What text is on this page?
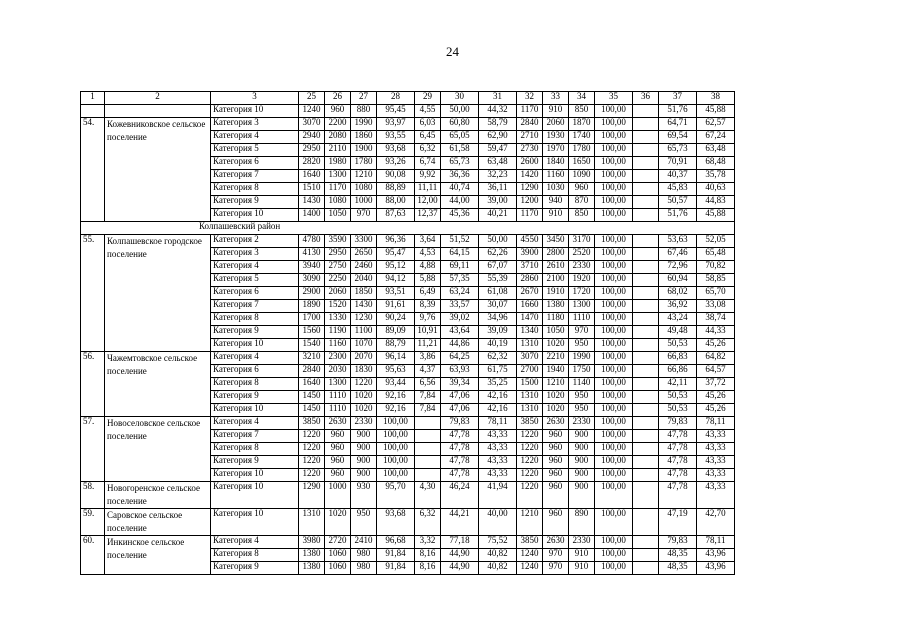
24
1	2	3	25	26	27	28	29	30	31	32	33	34	35	36	37	38
		Категория 10	1240	960	880	95,45	4,55	50,00	44,32	1170	910	850	100,00		51,76	45,88
54.	Кожевниковское сельское поселение	Категория 3	3070	2200	1990	93,97	6,03	60,80	58,79	2840	2060	1870	100,00		64,71	62,57
		Категория 4	2940	2080	1860	93,55	6,45	65,05	62,90	2710	1930	1740	100,00		69,54	67,24
		Категория 5	2950	2110	1900	93,68	6,32	61,58	59,47	2730	1970	1780	100,00		65,73	63,48
		Категория 6	2820	1980	1780	93,26	6,74	65,73	63,48	2600	1840	1650	100,00		70,91	68,48
		Категория 7	1640	1300	1210	90,08	9,92	36,36	32,23	1420	1160	1090	100,00		40,37	35,78
		Категория 8	1510	1170	1080	88,89	11,11	40,74	36,11	1290	1030	960	100,00		45,83	40,63
		Категория 9	1430	1080	1000	88,00	12,00	44,00	39,00	1200	940	870	100,00		50,57	44,83
		Категория 10	1400	1050	970	87,63	12,37	45,36	40,21	1170	910	850	100,00		51,76	45,88
Колпашевский район																
55.	Колпашевское городское поселение	Категория 2	4780	3590	3300	96,36	3,64	51,52	50,00	4550	3450	3170	100,00		53,63	52,05
		Категория 3	4130	2950	2650	95,47	4,53	64,15	62,26	3900	2800	2520	100,00		67,46	65,48
		Категория 4	3940	2750	2460	95,12	4,88	69,11	67,07	3710	2610	2330	100,00		72,96	70,82
		Категория 5	3090	2250	2040	94,12	5,88	57,35	55,39	2860	2100	1920	100,00		60,94	58,85
		Категория 6	2900	2060	1850	93,51	6,49	63,24	61,08	2670	1910	1720	100,00		68,02	65,70
		Категория 7	1890	1520	1430	91,61	8,39	33,57	30,07	1660	1380	1300	100,00		36,92	33,08
		Категория 8	1700	1330	1230	90,24	9,76	39,02	34,96	1470	1180	1110	100,00		43,24	38,74
		Категория 9	1560	1190	1100	89,09	10,91	43,64	39,09	1340	1050	970	100,00		49,48	44,33
		Категория 10	1540	1160	1070	88,79	11,21	44,86	40,19	1310	1020	950	100,00		50,53	45,26
56.	Чажемтовское сельское поселение	Категория 4	3210	2300	2070	96,14	3,86	64,25	62,32	3070	2210	1990	100,00		66,83	64,82
		Категория 6	2840	2030	1830	95,63	4,37	63,93	61,75	2700	1940	1750	100,00		66,86	64,57
		Категория 8	1640	1300	1220	93,44	6,56	39,34	35,25	1500	1210	1140	100,00		42,11	37,72
		Категория 9	1450	1110	1020	92,16	7,84	47,06	42,16	1310	1020	950	100,00		50,53	45,26
		Категория 10	1450	1110	1020	92,16	7,84	47,06	42,16	1310	1020	950	100,00		50,53	45,26
57.	Новоселовское сельское поселение	Категория 4	3850	2630	2330	100,00		79,83	78,11	3850	2630	2330	100,00		79,83	78,11
		Категория 7	1220	960	900	100,00		47,78	43,33	1220	960	900	100,00		47,78	43,33
		Категория 8	1220	960	900	100,00		47,78	43,33	1220	960	900	100,00		47,78	43,33
		Категория 9	1220	960	900	100,00		47,78	43,33	1220	960	900	100,00		47,78	43,33
		Категория 10	1220	960	900	100,00		47,78	43,33	1220	960	900	100,00		47,78	43,33
58.	Новогоренское сельское поселение	Категория 10	1290	1000	930	95,70	4,30	46,24	41,94	1220	960	900	100,00		47,78	43,33
59.	Саровское сельское поселение	Категория 10	1310	1020	950	93,68	6,32	44,21	40,00	1210	960	890	100,00		47,19	42,70
60.	Инкинское сельское поселение	Категория 4	3980	2720	2410	96,68	3,32	77,18	75,52	3850	2630	2330	100,00		79,83	78,11
		Категория 8	1380	1060	980	91,84	8,16	44,90	40,82	1240	970	910	100,00		48,35	43,96
		Категория 9	1380	1060	980	91,84	8,16	44,90	40,82	1240	970	910	100,00		48,35	43,96
